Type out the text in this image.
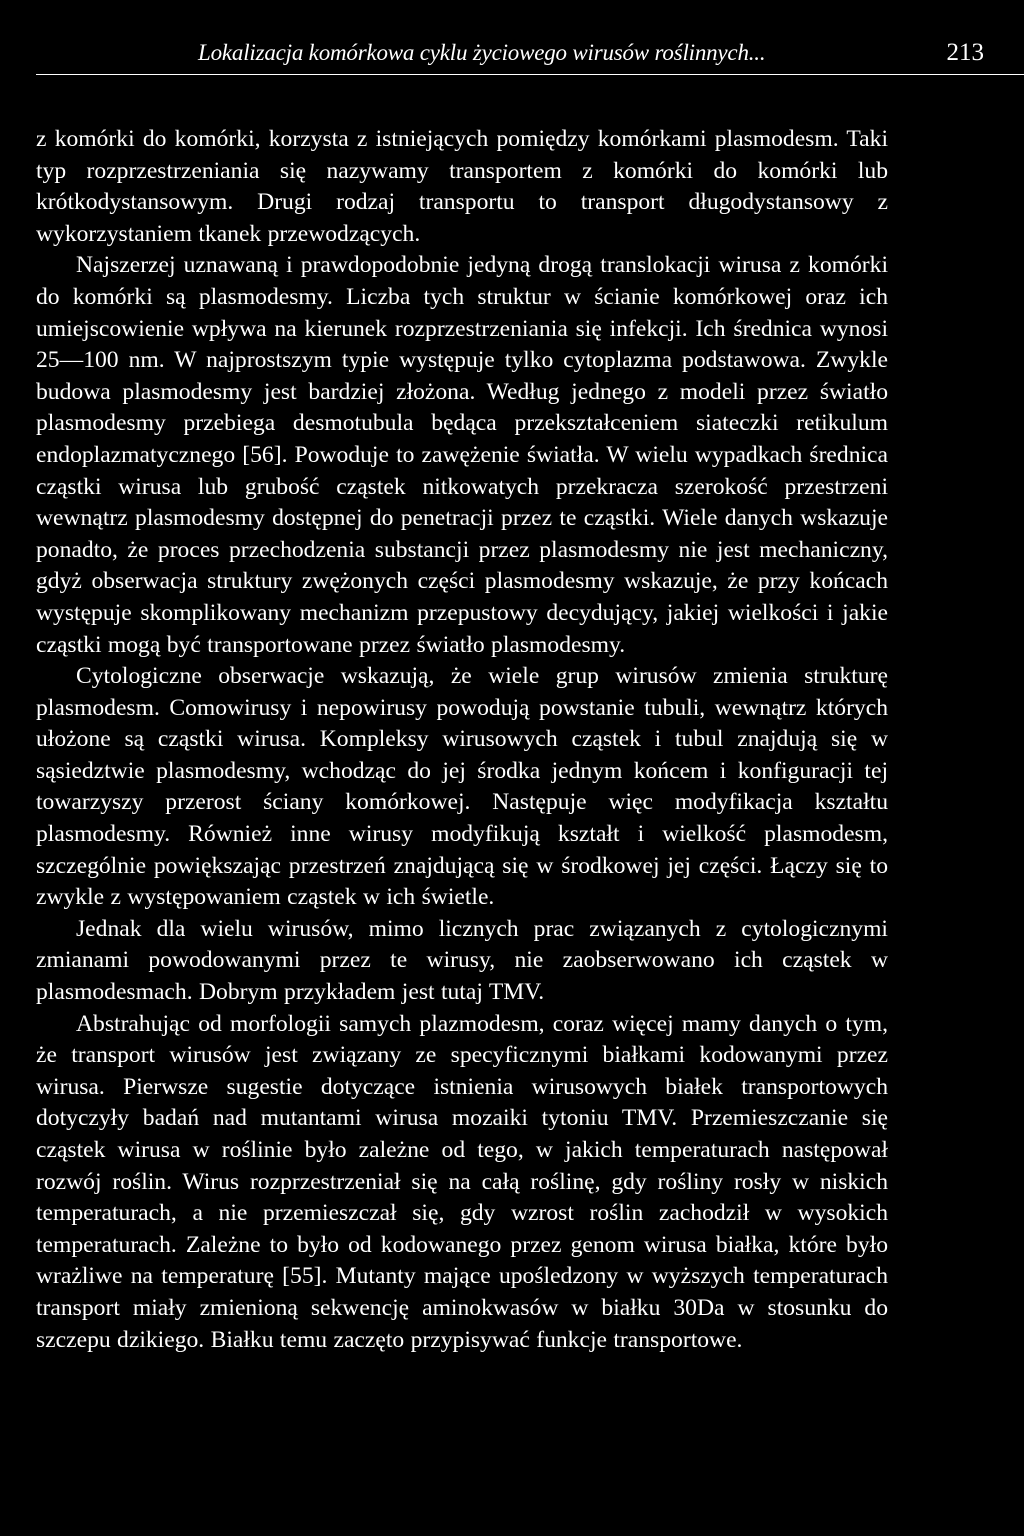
Lokalizacja komórkowa cyklu życiowego wirusów roślinnych...	213

z komórki do komórki, korzysta z istniejących pomiędzy komórkami plasmodesm. Taki typ rozprzestrzeniania się nazywamy transportem z komórki do komórki lub krótkodystansowym. Drugi rodzaj transportu to transport długodystansowy z wykorzystaniem tkanek przewodzących.

Najszerzej uznawaną i prawdopodobnie jedyną drogą translokacji wirusa z komórki do komórki są plasmodesmy. Liczba tych struktur w ścianie komórkowej oraz ich umiejscowienie wpływa na kierunek rozprzestrzeniania się infekcji. Ich średnica wynosi 25—100 nm. W najprostszym typie występuje tylko cytoplazma podstawowa. Zwykle budowa plasmodesmy jest bardziej złożona. Według jednego z modeli przez światło plasmodesmy przebiega desmotubula będąca przekształceniem siateczki retikulum endoplazmatycznego [56]. Powoduje to zawężenie światła. W wielu wypadkach średnica cząstki wirusa lub grubość cząstek nitkowatych przekracza szerokość przestrzeni wewnątrz plasmodesmy dostępnej do penetracji przez te cząstki. Wiele danych wskazuje ponadto, że proces przechodzenia substancji przez plasmodesmy nie jest mechaniczny, gdyż obserwacja struktury zwężonych części plasmodesmy wskazuje, że przy końcach występuje skomplikowany mechanizm przepustowy decydujący, jakiej wielkości i jakie cząstki mogą być transportowane przez światło plasmodesmy.

Cytologiczne obserwacje wskazują, że wiele grup wirusów zmienia strukturę plasmodesm. Comowirusy i nepowirusy powodują powstanie tubuli, wewnątrz których ułożone są cząstki wirusa. Kompleksy wirusowych cząstek i tubul znajdują się w sąsiedztwie plasmodesmy, wchodząc do jej środka jednym końcem i konfiguracji tej towarzyszy przerost ściany komórkowej. Następuje więc modyfikacja kształtu plasmodesmy. Również inne wirusy modyfikują kształt i wielkość plasmodesm, szczególnie powiększając przestrzeń znajdującą się w środkowej jej części. Łączy się to zwykle z występowaniem cząstek w ich świetle.

Jednak dla wielu wirusów, mimo licznych prac związanych z cytologicznymi zmianami powodowanymi przez te wirusy, nie zaobserwowano ich cząstek w plasmodesmach. Dobrym przykładem jest tutaj TMV.

Abstrahując od morfologii samych plazmodesm, coraz więcej mamy danych o tym, że transport wirusów jest związany ze specyficznymi białkami kodowanymi przez wirusa. Pierwsze sugestie dotyczące istnienia wirusowych białek transportowych dotyczyły badań nad mutantami wirusa mozaiki tytoniu TMV. Przemieszczanie się cząstek wirusa w roślinie było zależne od tego, w jakich temperaturach następował rozwój roślin. Wirus rozprzestrzeniał się na całą roślinę, gdy rośliny rosły w niskich temperaturach, a nie przemieszczał się, gdy wzrost roślin zachodził w wysokich temperaturach. Zależne to było od kodowanego przez genom wirusa białka, które było wrażliwe na temperaturę [55]. Mutanty mające upośledzony w wyższych temperaturach transport miały zmienioną sekwencję aminokwasów w białku 30Da w stosunku do szczepu dzikiego. Białku temu zaczęto przypisywać funkcje transportowe.
